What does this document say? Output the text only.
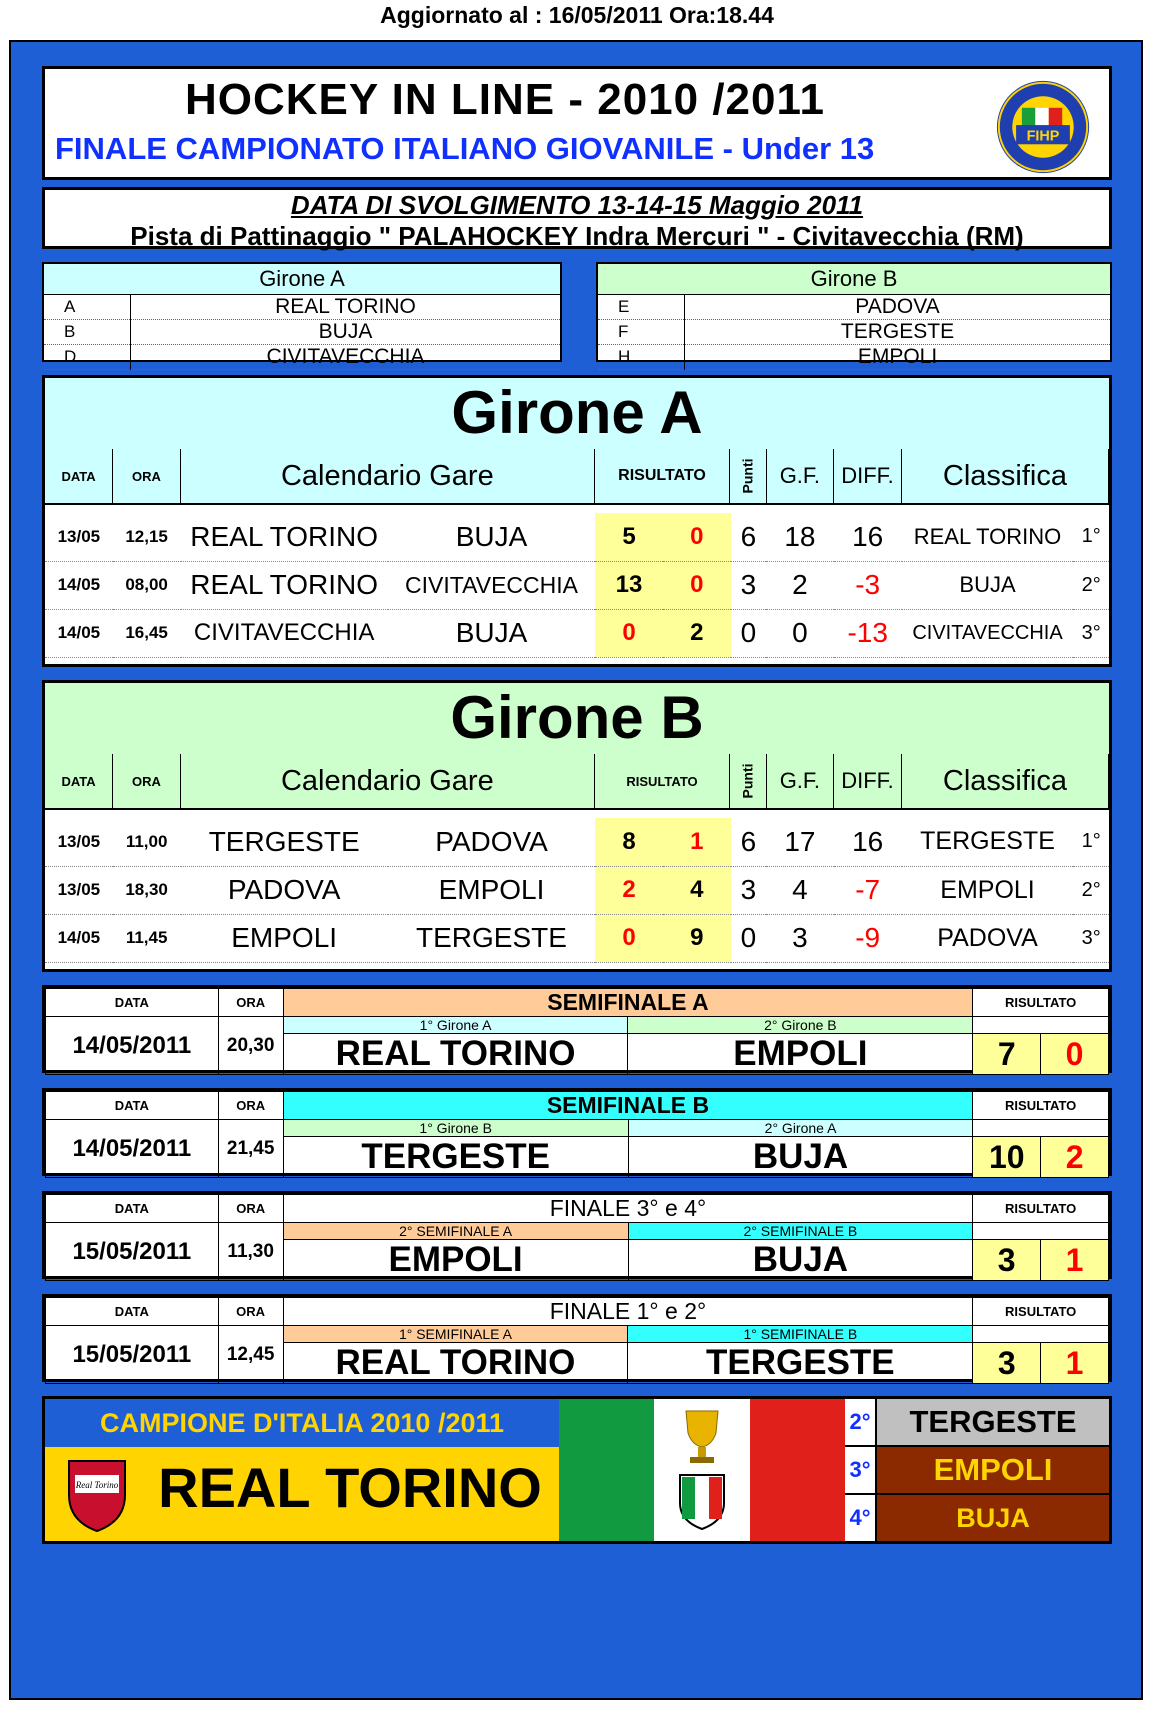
Aggiornato al : 16/05/2011 Ora:18.44
HOCKEY IN LINE - 2010 /2011
FINALE CAMPIONATO ITALIANO GIOVANILE - Under 13	FIHP
DATA DI SVOLGIMENTO 13-14-15 Maggio 2011
Pista di Pattinaggio " PALAHOCKEY Indra Mercuri " - Civitavecchia (RM)
Girone A	
A	REAL TORINO
B	BUJA
D	CIVITAVECCHIA
Girone B	
E	PADOVA
F	TERGESTE
H	EMPOLI
Girone A
DATA	ORA	Calendario Gare	RISULTATO	Punti	G.F.	DIFF.	Classifica

13/05	12,15	REAL TORINO	BUJA	5	0	6	18	16	REAL TORINO	1°
14/05	08,00	REAL TORINO	CIVITAVECCHIA	13	0	3	2	-3	BUJA	2°
14/05	16,45	CIVITAVECCHIA	BUJA	0	2	0	0	-13	CIVITAVECCHIA	3°

Girone B
DATA	ORA	Calendario Gare	RISULTATO	Punti	G.F.	DIFF.	Classifica

13/05	11,00	TERGESTE	PADOVA	8	1	6	17	16	TERGESTE	1°
13/05	18,30	PADOVA	EMPOLI	2	4	3	4	-7	EMPOLI	2°
14/05	11,45	EMPOLI	TERGESTE	0	9	0	3	-9	PADOVA	3°

DATA	ORA	SEMIFINALE A		RISULTATO	
14/05/2011	20,30	1° Girone A	2° Girone B		
		REAL TORINO	EMPOLI	7	0
DATA	ORA	SEMIFINALE B		RISULTATO	
14/05/2011	21,45	1° Girone B	2° Girone A		
		TERGESTE	BUJA	10	2
DATA	ORA	FINALE 3° e 4°		RISULTATO	
15/05/2011	11,30	2° SEMIFINALE A	2° SEMIFINALE B		
		EMPOLI	BUJA	3	1
DATA	ORA	FINALE 1° e 2°		RISULTATO	
15/05/2011	12,45	1° SEMIFINALE A	1° SEMIFINALE B		
		REAL TORINO	TERGESTE	3	1
CAMPIONE D'ITALIA 2010 /2011
Real Torino REAL TORINO
2°	TERGESTE
3°	EMPOLI
4°	BUJA
